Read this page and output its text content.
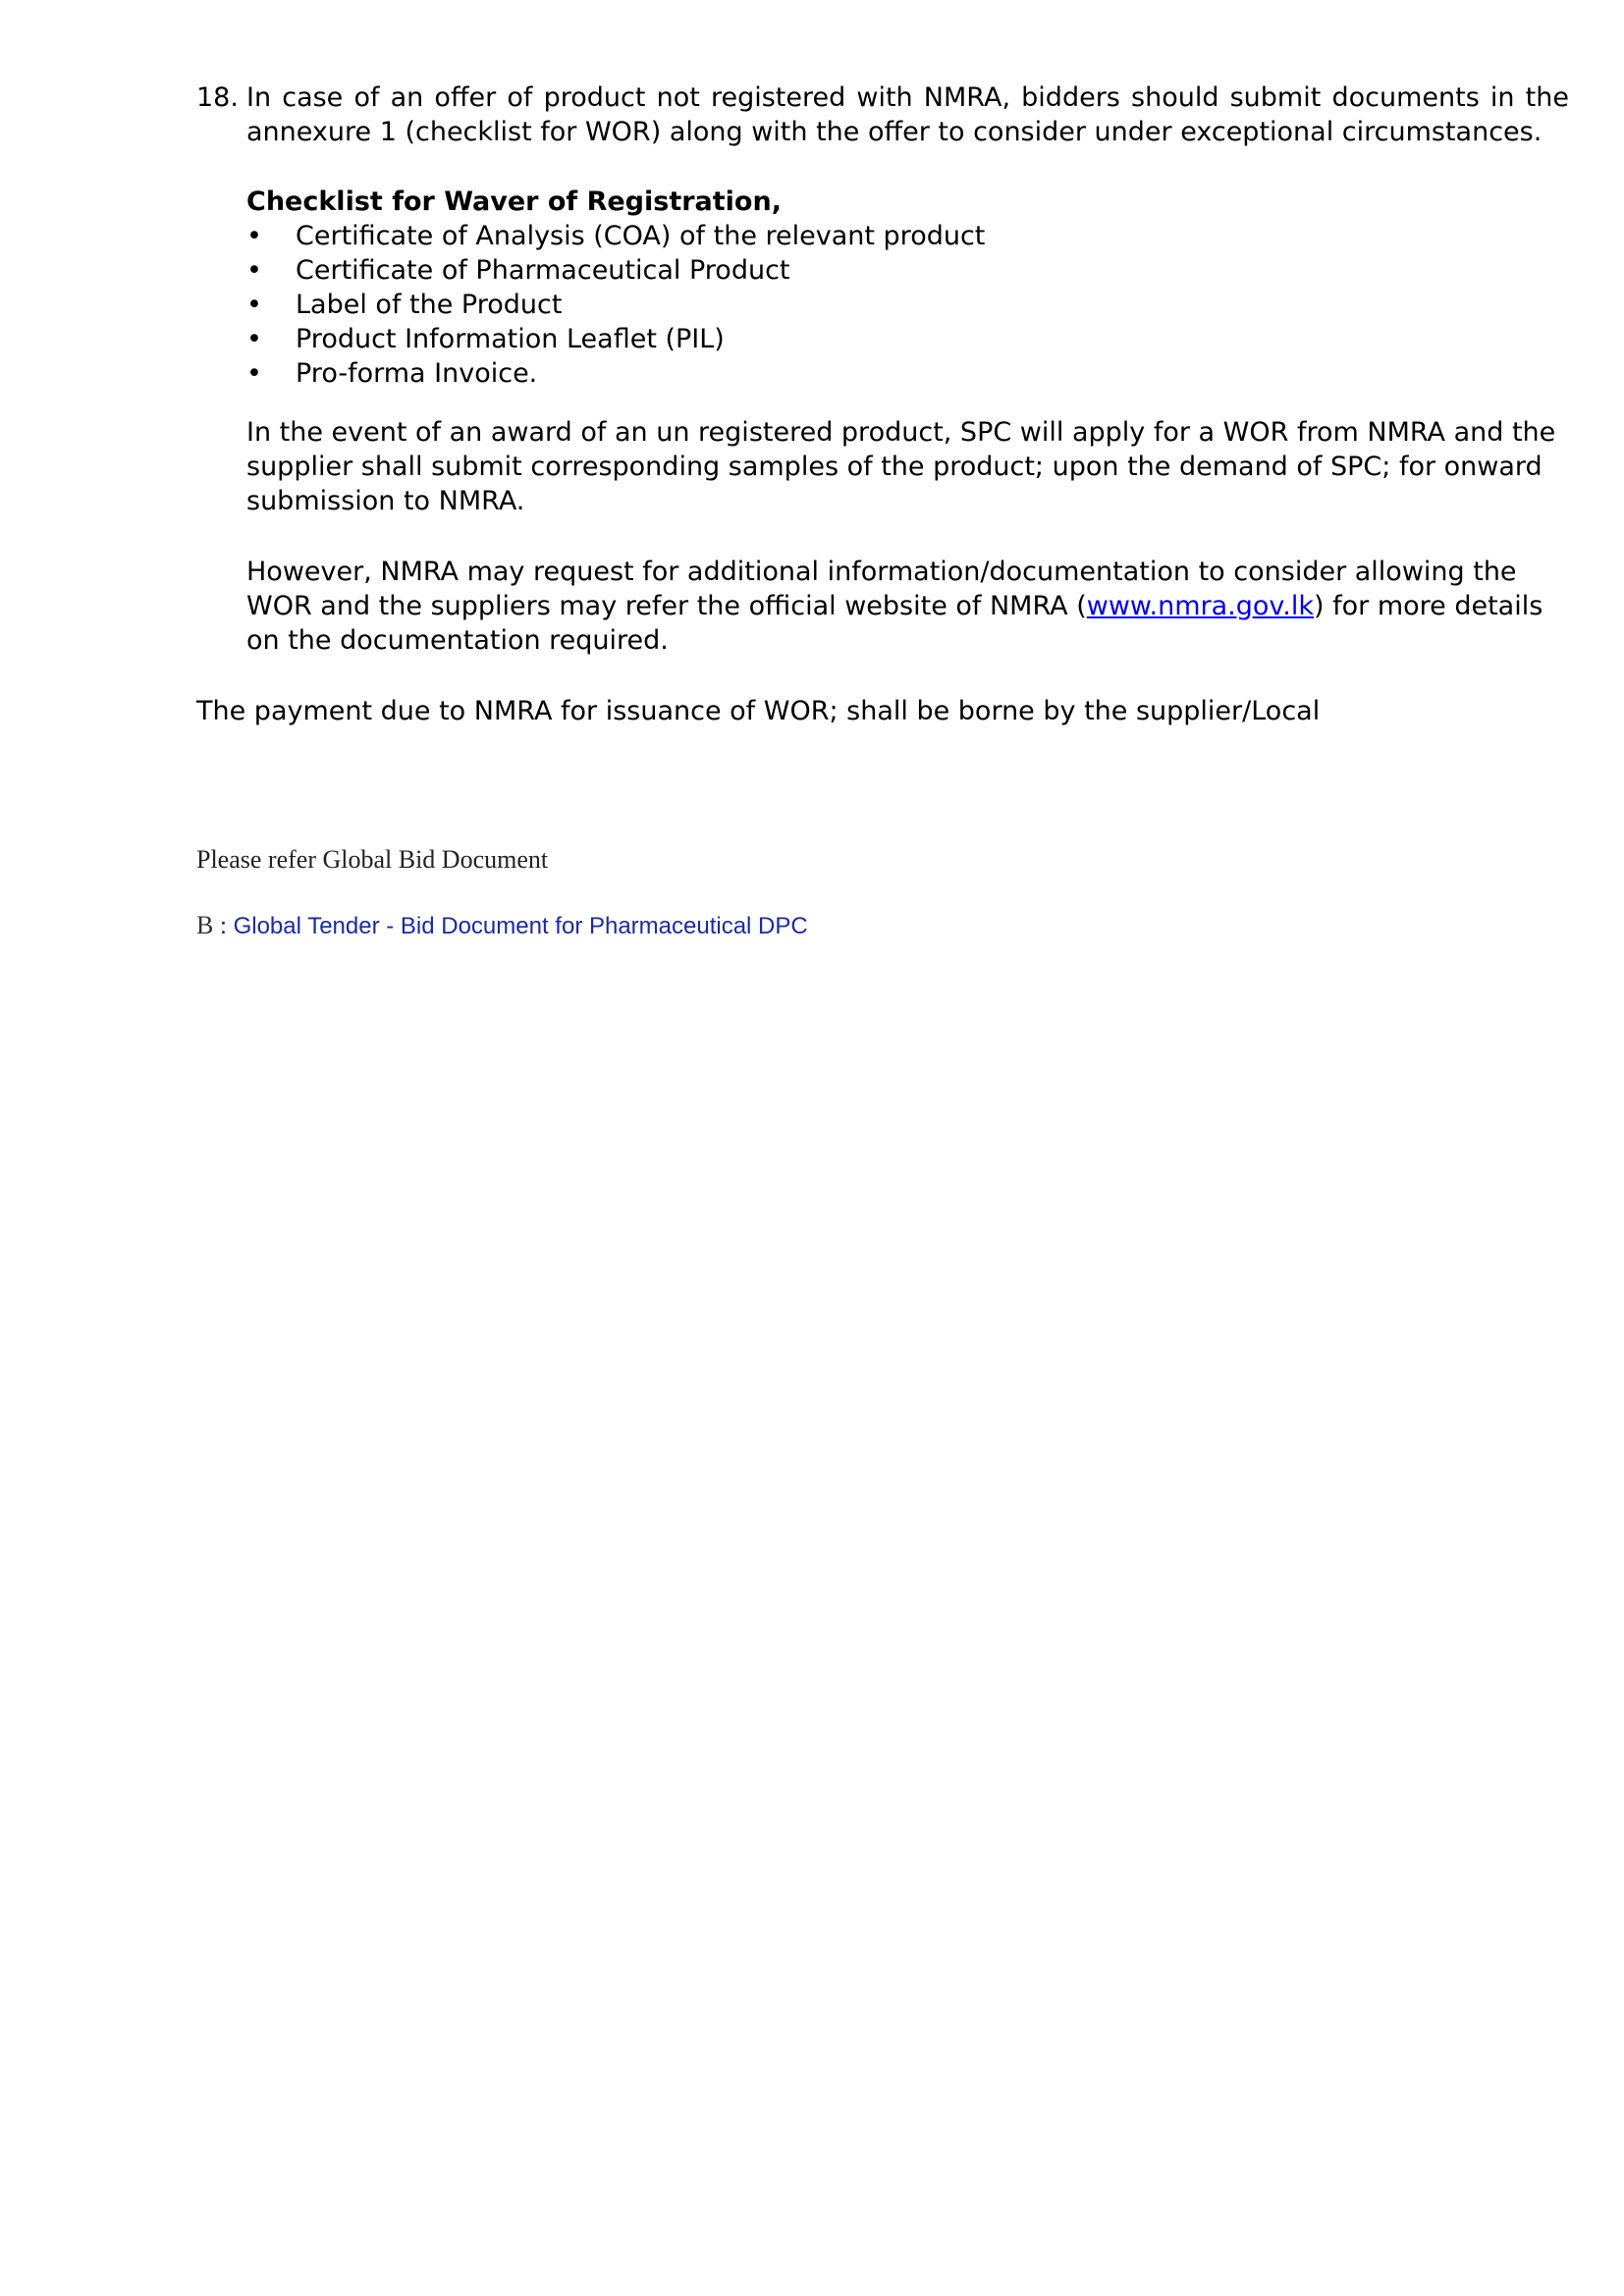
18. In case of an offer of product not registered with NMRA, bidders should submit documents in the annexure 1 (checklist for WOR) along with the offer to consider under exceptional circumstances.
Checklist for Waver of Registration,
• Certificate of Analysis (COA) of the relevant product
• Certificate of Pharmaceutical Product
• Label of the Product
• Product Information Leaflet (PIL)
• Pro-forma Invoice.
In the event of an award of an un registered product, SPC will apply for a WOR from NMRA and the supplier shall submit corresponding samples of the product; upon the demand of SPC; for onward submission to NMRA.
However, NMRA may request for additional information/documentation to consider allowing the WOR and the suppliers may refer the official website of NMRA (www.nmra.gov.lk) for more details on the documentation required.
The payment due to NMRA for issuance of WOR; shall be borne by the supplier/Local
Please refer Global Bid Document
B : Global Tender - Bid Document for Pharmaceutical DPC
